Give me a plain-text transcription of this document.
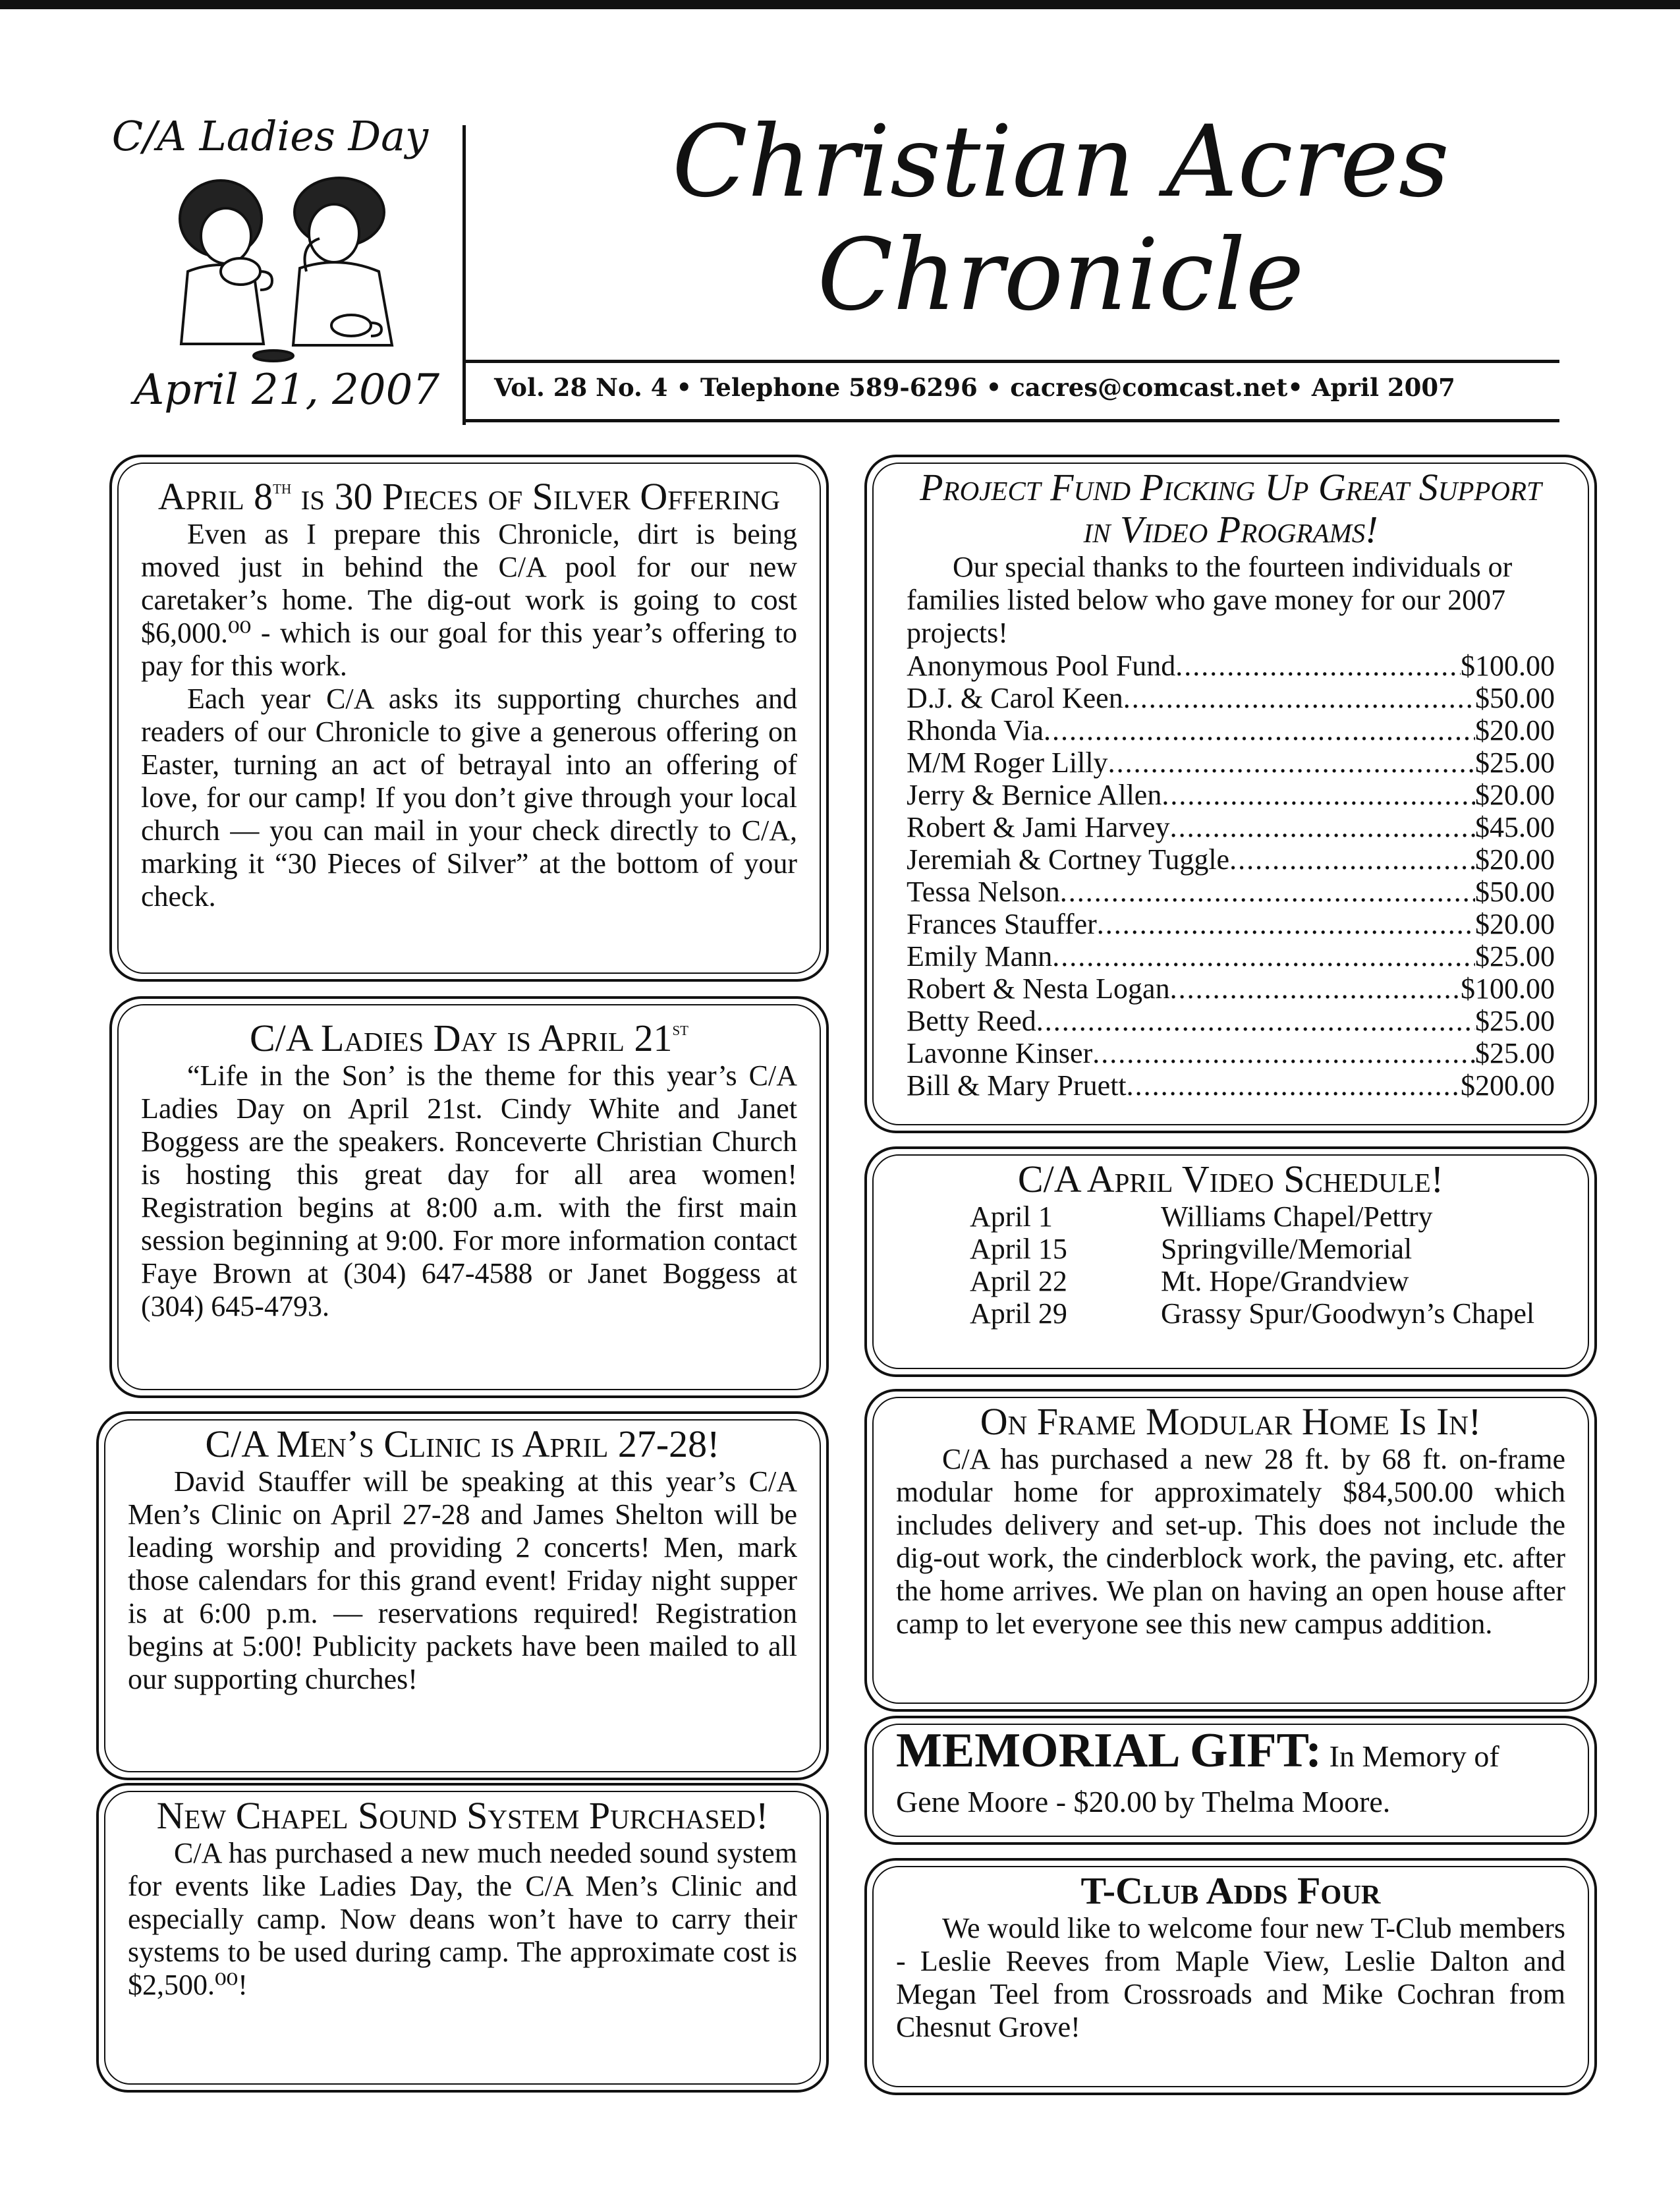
C/A Ladies Day
April 21, 2007
Christian Acres
Chronicle
Vol. 28 No. 4 • Telephone 589-6296 • cacres@comcast.net• April 2007
April 8th is 30 Pieces of Silver Offering

Even as I prepare this Chronicle, dirt is being moved just in behind the C/A pool for our new caretaker’s home. The dig-out work is going to cost $6,000.⁰⁰ - which is our goal for this year’s offering to pay for this work.

Each year C/A asks its supporting churches and readers of our Chronicle to give a generous offering on Easter, turning an act of betrayal into an offering of love, for our camp! If you don’t give through your local church — you can mail in your check directly to C/A, marking it “30 Pieces of Silver” at the bottom of your check.

C/A Ladies Day is April 21st

“Life in the Son’ is the theme for this year’s C/A Ladies Day on April 21st. Cindy White and Janet Boggess are the speakers. Ronceverte Christian Church is hosting this great day for all area women! Registration begins at 8:00 a.m. with the first main session beginning at 9:00. For more information contact Faye Brown at (304) 647-4588 or Janet Boggess at (304) 645-4793.

C/A Men’s Clinic is April 27-28!

David Stauffer will be speaking at this year’s C/A Men’s Clinic on April 27-28 and James Shelton will be leading worship and providing 2 concerts! Men, mark those calendars for this grand event! Friday night supper is at 6:00 p.m. — reservations required! Registration begins at 5:00! Publicity packets have been mailed to all our supporting churches!

New Chapel Sound System Purchased!

C/A has purchased a new much needed sound system for events like Ladies Day, the C/A Men’s Clinic and especially camp. Now deans won’t have to carry their systems to be used during camp. The approximate cost is $2,500.⁰⁰!

Project Fund Picking Up Great Support in Video Programs!

Our special thanks to the fourteen individuals or families listed below who gave money for our 2007 projects!

Anonymous Pool Fund .....	$100.00
D.J. & Carol Keen .....	$50.00
Rhonda Via .....	$20.00
M/M Roger Lilly .....	$25.00
Jerry & Bernice Allen .....	$20.00
Robert & Jami Harvey .....	$45.00
Jeremiah & Cortney Tuggle .....	$20.00
Tessa Nelson .....	$50.00
Frances Stauffer .....	$20.00
Emily Mann .....	$25.00
Robert & Nesta Logan .....	$100.00
Betty Reed .....	$25.00
Lavonne Kinser .....	$25.00
Bill & Mary Pruett .....	$200.00
C/A April Video Schedule!
April 1	Williams Chapel/Pettry
April 15	Springville/Memorial
April 22	Mt. Hope/Grandview
April 29	Grassy Spur/Goodwyn’s Chapel
On Frame Modular Home Is In!

C/A has purchased a new 28 ft. by 68 ft. on-frame modular home for approximately $84,500.00 which includes delivery and set-up. This does not include the dig-out work, the cinderblock work, the paving, etc. after the home arrives. We plan on having an open house after camp to let everyone see this new campus addition.

MEMORIAL GIFT: In Memory of
Gene Moore - $20.00 by Thelma Moore.
T-Club Adds Four

We would like to welcome four new T-Club members - Leslie Reeves from Maple View, Leslie Dalton and Megan Teel from Crossroads and Mike Cochran from Chesnut Grove!
